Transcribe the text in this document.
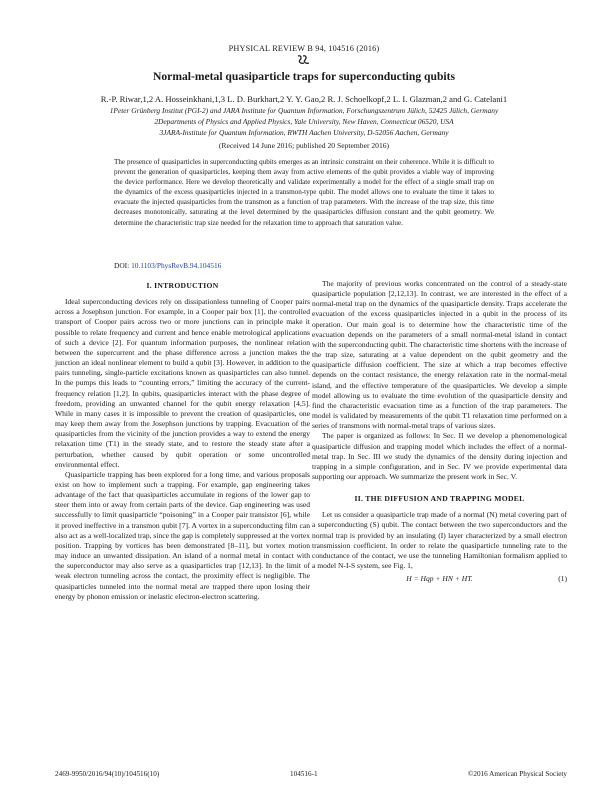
PHYSICAL REVIEW B 94, 104516 (2016)
Normal-metal quasiparticle traps for superconducting qubits
R.-P. Riwar,1,2 A. Hosseinkhani,1,3 L. D. Burkhart,2 Y. Y. Gao,2 R. J. Schoelkopf,2 L. I. Glazman,2 and G. Catelani1
1Peter Grünberg Institut (PGI-2) and JARA Institute for Quantum Information, Forschungszentrum Jülich, 52425 Jülich, Germany
2Departments of Physics and Applied Physics, Yale University, New Haven, Connecticut 06520, USA
3JARA-Institute for Quantum Information, RWTH Aachen University, D-52056 Aachen, Germany
(Received 14 June 2016; published 20 September 2016)
The presence of quasiparticles in superconducting qubits emerges as an intrinsic constraint on their coherence. While it is difficult to prevent the generation of quasiparticles, keeping them away from active elements of the qubit provides a viable way of improving the device performance. Here we develop theoretically and validate experimentally a model for the effect of a single small trap on the dynamics of the excess quasiparticles injected in a transmon-type qubit. The model allows one to evaluate the time it takes to evacuate the injected quasiparticles from the transmon as a function of trap parameters. With the increase of the trap size, this time decreases monotonically, saturating at the level determined by the quasiparticles diffusion constant and the qubit geometry. We determine the characteristic trap size needed for the relaxation time to approach that saturation value.
DOI: 10.1103/PhysRevB.94.104516
I. INTRODUCTION

Ideal superconducting devices rely on dissipationless tunneling of Cooper pairs across a Josephson junction. For example, in a Cooper pair box [1], the controlled transport of Cooper pairs across two or more junctions can in principle make it possible to relate frequency and current and hence enable metrological applications of such a device [2]. For quantum information purposes, the nonlinear relation between the supercurrent and the phase difference across a junction makes the junction an ideal nonlinear element to build a qubit [3]. However, in addition to the pairs tunneling, single-particle excitations known as quasiparticles can also tunnel. In the pumps this leads to “counting errors,” limiting the accuracy of the current-frequency relation [1,2]. In qubits, quasiparticles interact with the phase degree of freedom, providing an unwanted channel for the qubit energy relaxation [4,5]. While in many cases it is impossible to prevent the creation of quasiparticles, one may keep them away from the Josephson junctions by trapping. Evacuation of the quasiparticles from the vicinity of the junction provides a way to extend the energy relaxation time (T1) in the steady state, and to restore the steady state after a perturbation, whether caused by qubit operation or some uncontrolled environmental effect.

Quasiparticle trapping has been explored for a long time, and various proposals exist on how to implement such a trapping. For example, gap engineering takes advantage of the fact that quasiparticles accumulate in regions of the lower gap to steer them into or away from certain parts of the device. Gap engineering was used successfully to limit quasiparticle “poisoning” in a Cooper pair transistor [6], while it proved ineffective in a transmon qubit [7]. A vortex in a superconducting film can also act as a well-localized trap, since the gap is completely suppressed at the vortex position. Trapping by vortices has been demonstrated [8–11], but vortex motion may induce an unwanted dissipation. An island of a normal metal in contact with the superconductor may also serve as a quasiparticles trap [12,13]. In the limit of weak electron tunneling across the contact, the proximity effect is negligible. The quasiparticles tunneled into the normal metal are trapped there upon losing their energy by phonon emission or inelastic electron-electron scattering.

The majority of previous works concentrated on the control of a steady-state quasiparticle population [2,12,13]. In contrast, we are interested in the effect of a normal-metal trap on the dynamics of the quasiparticle density. Traps accelerate the evacuation of the excess quasiparticles injected in a qubit in the process of its operation. Our main goal is to determine how the characteristic time of the evacuation depends on the parameters of a small normal-metal island in contact with the superconducting qubit. The characteristic time shortens with the increase of the trap size, saturating at a value dependent on the qubit geometry and the quasiparticle diffusion coefficient. The size at which a trap becomes effective depends on the contact resistance, the energy relaxation rate in the normal-metal island, and the effective temperature of the quasiparticles. We develop a simple model allowing us to evaluate the time evolution of the quasiparticle density and find the characteristic evacuation time as a function of the trap parameters. The model is validated by measurements of the qubit T1 relaxation time performed on a series of transmons with normal-metal traps of various sizes.

The paper is organized as follows: In Sec. II we develop a phenomenological quasiparticle diffusion and trapping model which includes the effect of a normal-metal trap. In Sec. III we study the dynamics of the density during injection and trapping in a simple configuration, and in Sec. IV we provide experimental data supporting our approach. We summarize the present work in Sec. V.

II. THE DIFFUSION AND TRAPPING MODEL

Let us consider a quasiparticle trap made of a normal (N) metal covering part of a superconducting (S) qubit. The contact between the two superconductors and the normal trap is provided by an insulating (I) layer characterized by a small electron transmission coefficient. In order to relate the quasiparticle tunneling rate to the conductance of the contact, we use the tunneling Hamiltonian formalism applied to a model N-I-S system, see Fig. 1,

H = Hqp + HN + HT.	(1)
2469-9950/2016/94(10)/104516(10)	104516-1	©2016 American Physical Society
